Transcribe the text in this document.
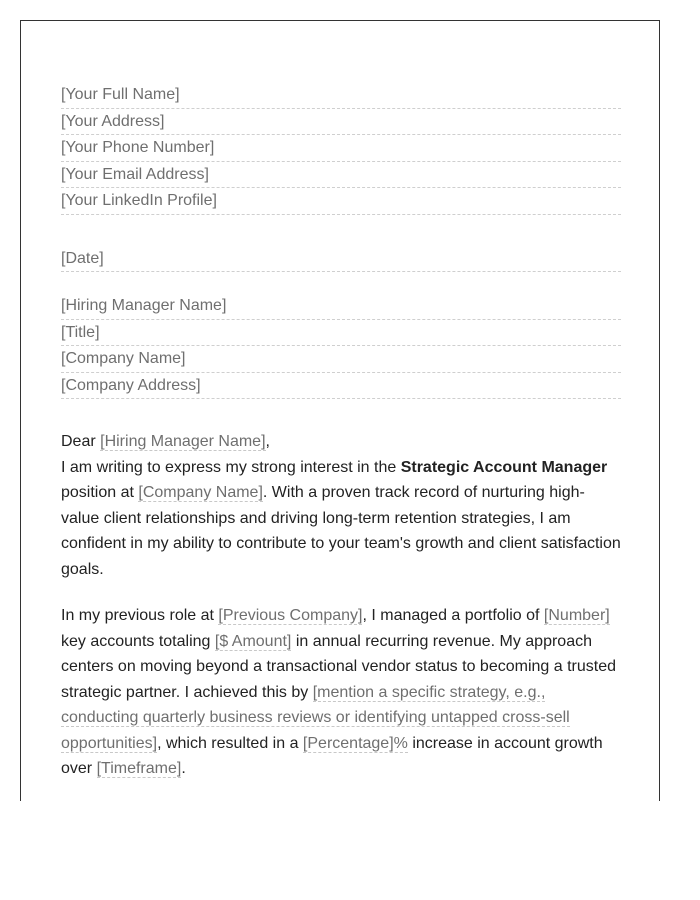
[Your Full Name]
[Your Address]
[Your Phone Number]
[Your Email Address]
[Your LinkedIn Profile]
[Date]
[Hiring Manager Name]
[Title]
[Company Name]
[Company Address]
Dear [Hiring Manager Name],

I am writing to express my strong interest in the Strategic Account Manager position at [Company Name]. With a proven track record of nurturing high-value client relationships and driving long-term retention strategies, I am confident in my ability to contribute to your team's growth and client satisfaction goals.

In my previous role at [Previous Company], I managed a portfolio of [Number] key accounts totaling [$ Amount] in annual recurring revenue. My approach centers on moving beyond a transactional vendor status to becoming a trusted strategic partner. I achieved this by [mention a specific strategy, e.g., conducting quarterly business reviews or identifying untapped cross-sell opportunities], which resulted in a [Percentage]% increase in account growth over [Timeframe].
